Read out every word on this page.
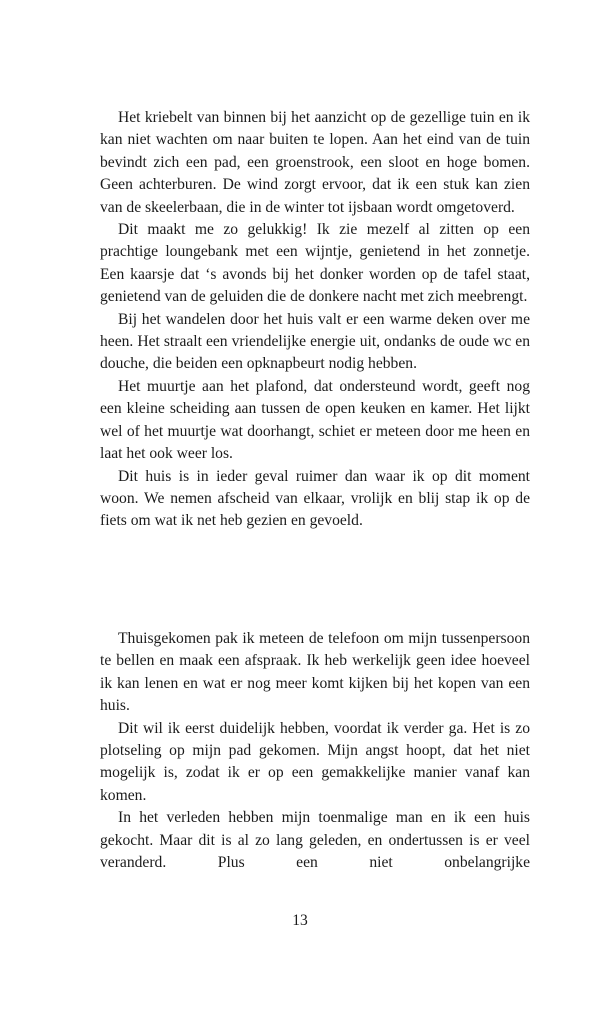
Het kriebelt van binnen bij het aanzicht op de gezellige tuin en ik kan niet wachten om naar buiten te lopen. Aan het eind van de tuin bevindt zich een pad, een groenstrook, een sloot en hoge bomen. Geen achterburen. De wind zorgt ervoor, dat ik een stuk kan zien van de skeelerbaan, die in de winter tot ijsbaan wordt omgetoverd.

Dit maakt me zo gelukkig! Ik zie mezelf al zitten op een prachtige loungebank met een wijntje, genietend in het zonnetje. Een kaarsje dat ‘s avonds bij het donker worden op de tafel staat, genietend van de geluiden die de donkere nacht met zich meebrengt.

Bij het wandelen door het huis valt er een warme deken over me heen. Het straalt een vriendelijke energie uit, ondanks de oude wc en douche, die beiden een opknapbeurt nodig hebben.

Het muurtje aan het plafond, dat ondersteund wordt, geeft nog een kleine scheiding aan tussen de open keuken en kamer. Het lijkt wel of het muurtje wat doorhangt, schiet er meteen door me heen en laat het ook weer los.

Dit huis is in ieder geval ruimer dan waar ik op dit moment woon. We nemen afscheid van elkaar, vrolijk en blij stap ik op de fiets om wat ik net heb gezien en gevoeld.

Thuisgekomen pak ik meteen de telefoon om mijn tussenpersoon te bellen en maak een afspraak. Ik heb werkelijk geen idee hoeveel ik kan lenen en wat er nog meer komt kijken bij het kopen van een huis.

Dit wil ik eerst duidelijk hebben, voordat ik verder ga. Het is zo plotseling op mijn pad gekomen. Mijn angst hoopt, dat het niet mogelijk is, zodat ik er op een gemakkelijke manier vanaf kan komen.

In het verleden hebben mijn toenmalige man en ik een huis gekocht. Maar dit is al zo lang geleden, en ondertussen is er veel veranderd. Plus een niet onbelangrijke

13
